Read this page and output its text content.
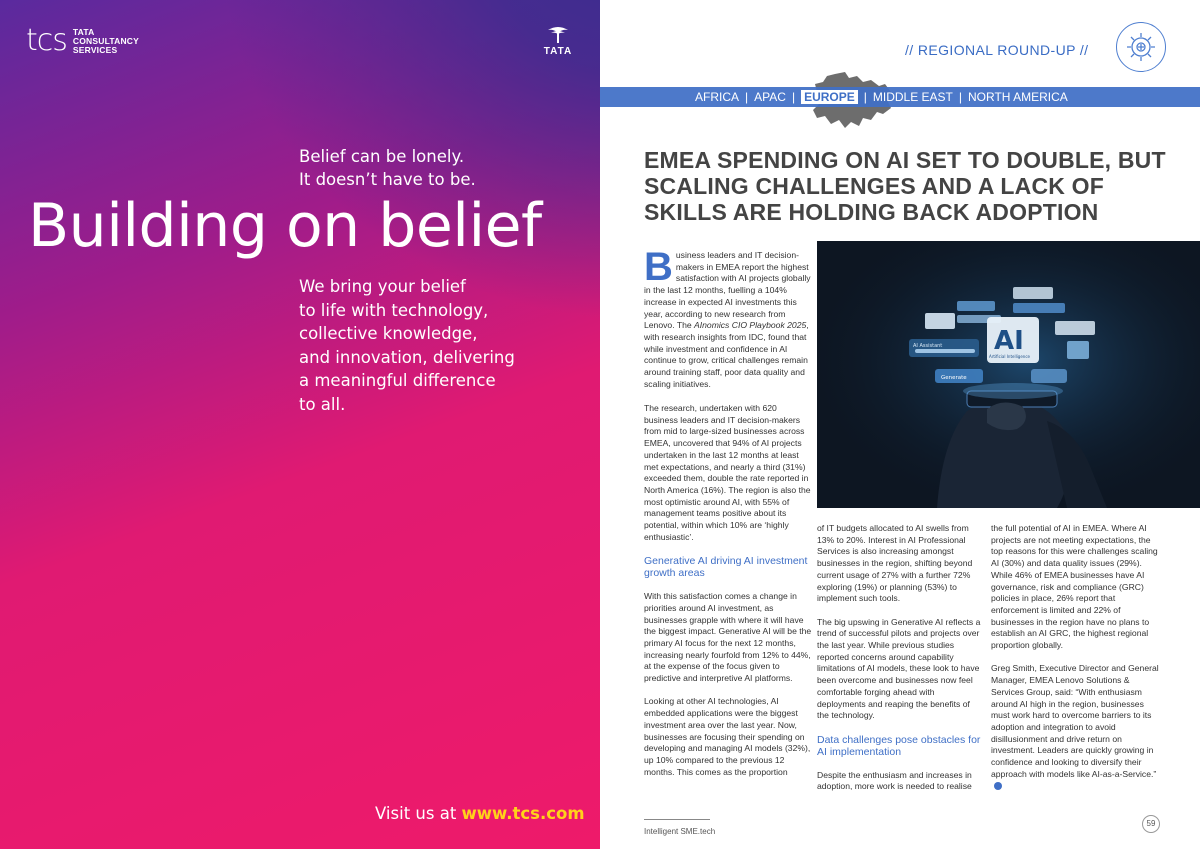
tcs TATA
CONSULTANCY
SERVICES	TATA
Belief can be lonely.
It doesn’t have to be.
Building on belief
We bring your belief
to life with technology,
collective knowledge,
and innovation, delivering
a meaningful difference
to all.
Visit us at www.tcs.com
// REGIONAL ROUND-UP //
AFRICA | APAC | EUROPE | MIDDLE EAST | NORTH AMERICA
EMEA SPENDING ON AI SET TO DOUBLE, BUT SCALING CHALLENGES AND A LACK OF SKILLS ARE HOLDING BACK ADOPTION
AI
Artificial Intelligence
AI Assistant
Generate

Business leaders and IT decision-makers in EMEA report the highest satisfaction with AI projects globally in the last 12 months, fuelling a 104% increase in expected AI investments this year, according to new research from Lenovo. The AInomics CIO Playbook 2025, with research insights from IDC, found that while investment and confidence in AI continue to grow, critical challenges remain around training staff, poor data quality and scaling initiatives.

The research, undertaken with 620 business leaders and IT decision-makers from mid to large-sized businesses across EMEA, uncovered that 94% of AI projects undertaken in the last 12 months at least met expectations, and nearly a third (31%) exceeded them, double the rate reported in North America (16%). The region is also the most optimistic around AI, with 55% of management teams positive about its potential, within which 10% are ‘highly enthusiastic’.

Generative AI driving AI investment growth areas

With this satisfaction comes a change in priorities around AI investment, as businesses grapple with where it will have the biggest impact. Generative AI will be the primary AI focus for the next 12 months, increasing nearly fourfold from 12% to 44%, at the expense of the focus given to predictive and interpretive AI platforms.

Looking at other AI technologies, AI embedded applications were the biggest investment area over the last year. Now, businesses are focusing their spending on developing and managing AI models (32%), up 10% compared to the previous 12 months. This comes as the proportion

of IT budgets allocated to AI swells from 13% to 20%. Interest in AI Professional Services is also increasing amongst businesses in the region, shifting beyond current usage of 27% with a further 72% exploring (19%) or planning (53%) to implement such tools.

The big upswing in Generative AI reflects a trend of successful pilots and projects over the last year. While previous studies reported concerns around capability limitations of AI models, these look to have been overcome and businesses now feel comfortable forging ahead with deployments and reaping the benefits of the technology.

Data challenges pose obstacles for AI implementation

Despite the enthusiasm and increases in adoption, more work is needed to realise

the full potential of AI in EMEA. Where AI projects are not meeting expectations, the top reasons for this were challenges scaling AI (30%) and data quality issues (29%). While 46% of EMEA businesses have AI governance, risk and compliance (GRC) policies in place, 26% report that enforcement is limited and 22% of businesses in the region have no plans to establish an AI GRC, the highest regional proportion globally.

Greg Smith, Executive Director and General Manager, EMEA Lenovo Solutions & Services Group, said: “With enthusiasm around AI high in the region, businesses must work hard to overcome barriers to its adoption and integration to avoid disillusionment and drive return on investment. Leaders are quickly growing in confidence and looking to diversify their approach with models like AI-as-a-Service.”

Intelligent SME.tech
59
